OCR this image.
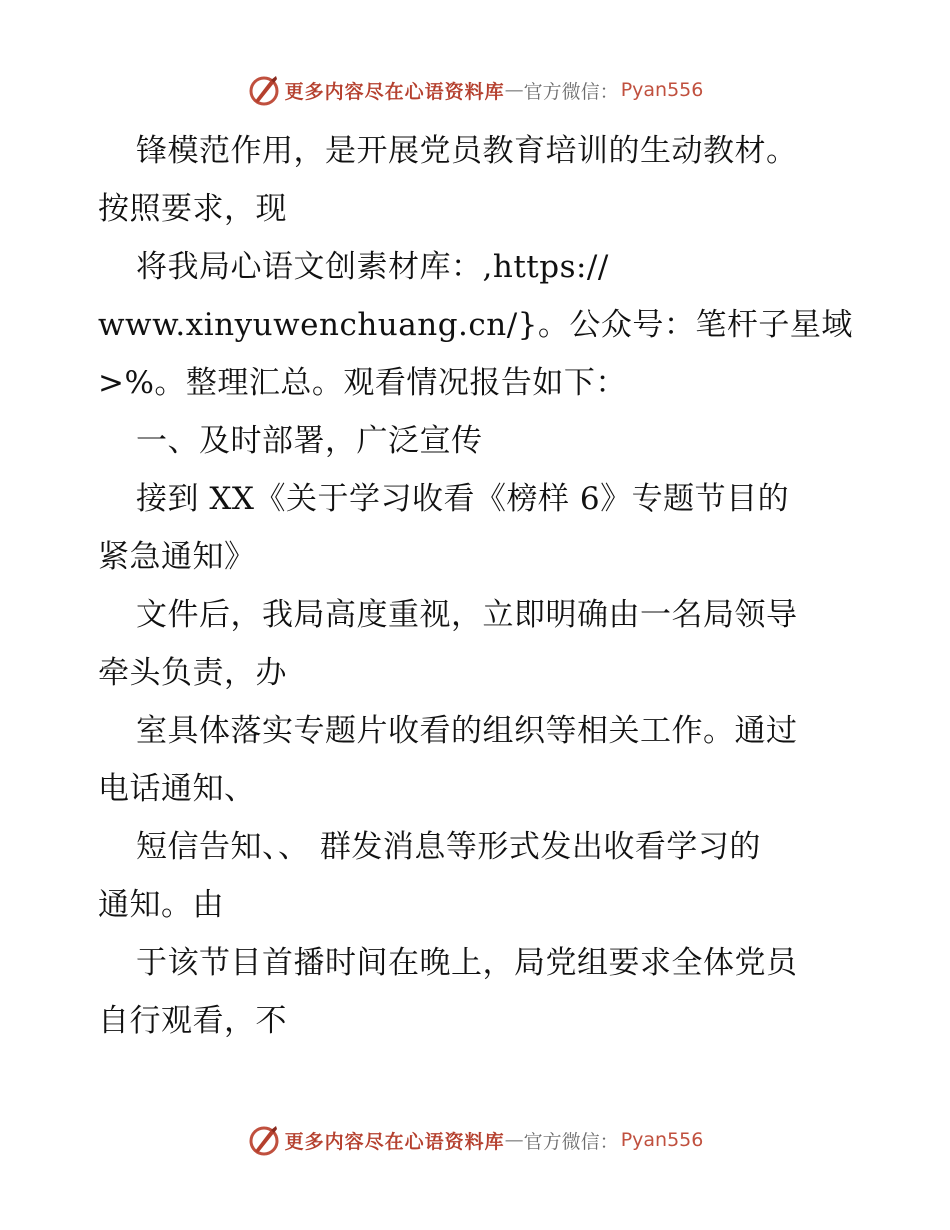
更多内容尽在心语资料库 — 官方微信： Pyan556
锋模范作用，是开展党员教育培训的生动教材。
按照要求，现
将我局心语文创素材库：,https://
www.xinyuwenchuang.cn/}。公众号：笔杆子星域
>%。整理汇总。观看情况报告如下：
一、及时部署，广泛宣传
接到 XX《关于学习收看《榜样 6》专题节目的
紧急通知》
文件后，我局高度重视，立即明确由一名局领导
牵头负责，办
室具体落实专题片收看的组织等相关工作。通过
电话通知、
短信告知、、 群发消息等形式发出收看学习的
通知。由
于该节目首播时间在晚上，局党组要求全体党员
自行观看，不
更多内容尽在心语资料库 — 官方微信： Pyan556
